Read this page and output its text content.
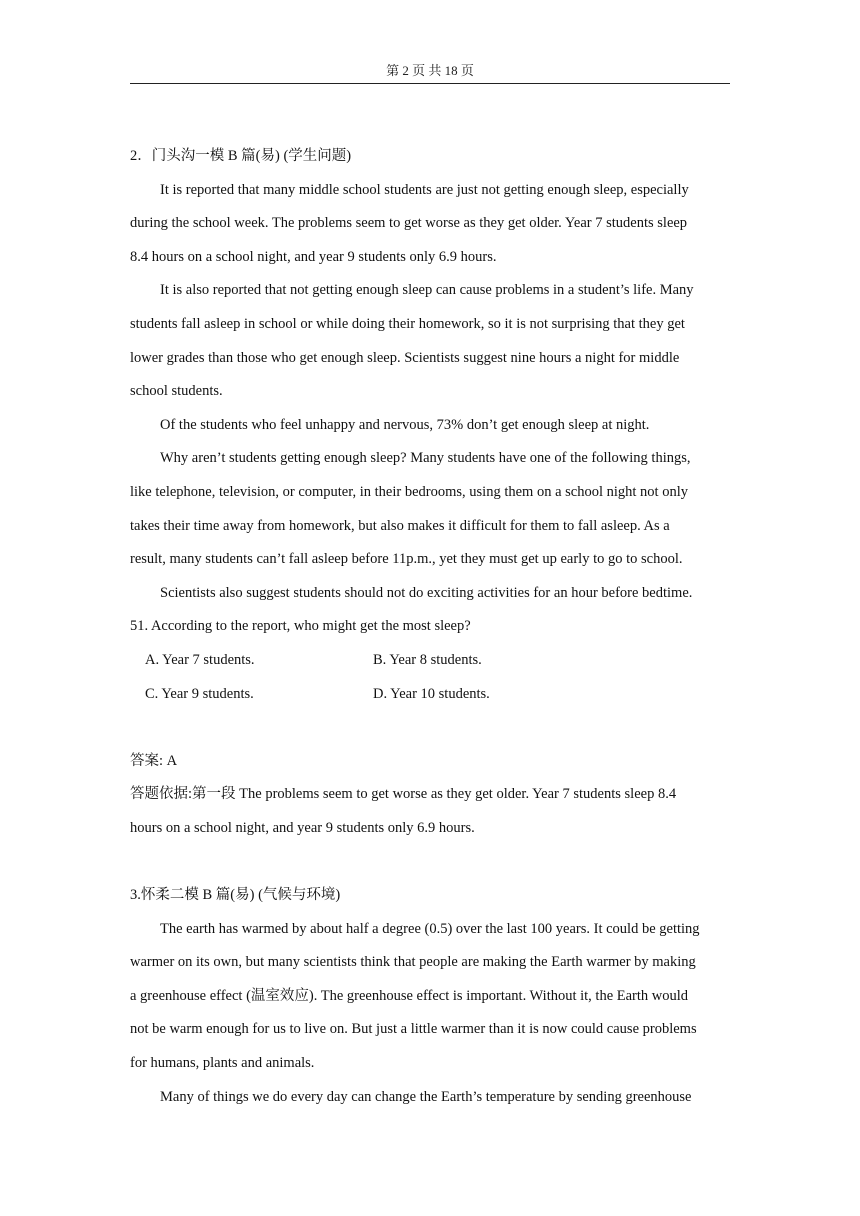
第 2 页 共 18 页
2．门头沟一模 B 篇(易) (学生问题)
It is reported that many middle school students are just not getting enough sleep, especially
during the school week. The problems seem to get worse as they get older. Year 7 students sleep
8.4 hours on a school night, and year 9 students only 6.9 hours.
It is also reported that not getting enough sleep can cause problems in a student’s life. Many
students fall asleep in school or while doing their homework, so it is not surprising that they get
lower grades than those who get enough sleep. Scientists suggest nine hours a night for middle
school students.
Of the students who feel unhappy and nervous, 73% don’t get enough sleep at night.
Why aren’t students getting enough sleep? Many students have one of the following things,
like telephone, television, or computer, in their bedrooms, using them on a school night not only
takes their time away from homework, but also makes it difficult for them to fall asleep. As a
result, many students can’t fall asleep before 11p.m., yet they must get up early to go to school.
Scientists also suggest students should not do exciting activities for an hour before bedtime.
51. According to the report, who might get the most sleep?
A. Year 7 students.	B. Year 8 students.
C. Year 9 students.	D. Year 10 students.
答案: A
答题依据:第一段 The problems seem to get worse as they get older. Year 7 students sleep 8.4
hours on a school night, and year 9 students only 6.9 hours.
3.怀柔二模 B 篇(易) (气候与环境)
The earth has warmed by about half a degree (0.5) over the last 100 years. It could be getting
warmer on its own, but many scientists think that people are making the Earth warmer by making
a greenhouse effect (温室效应). The greenhouse effect is important. Without it, the Earth would
not be warm enough for us to live on. But just a little warmer than it is now could cause problems
for humans, plants and animals.
Many of things we do every day can change the Earth’s temperature by sending greenhouse
